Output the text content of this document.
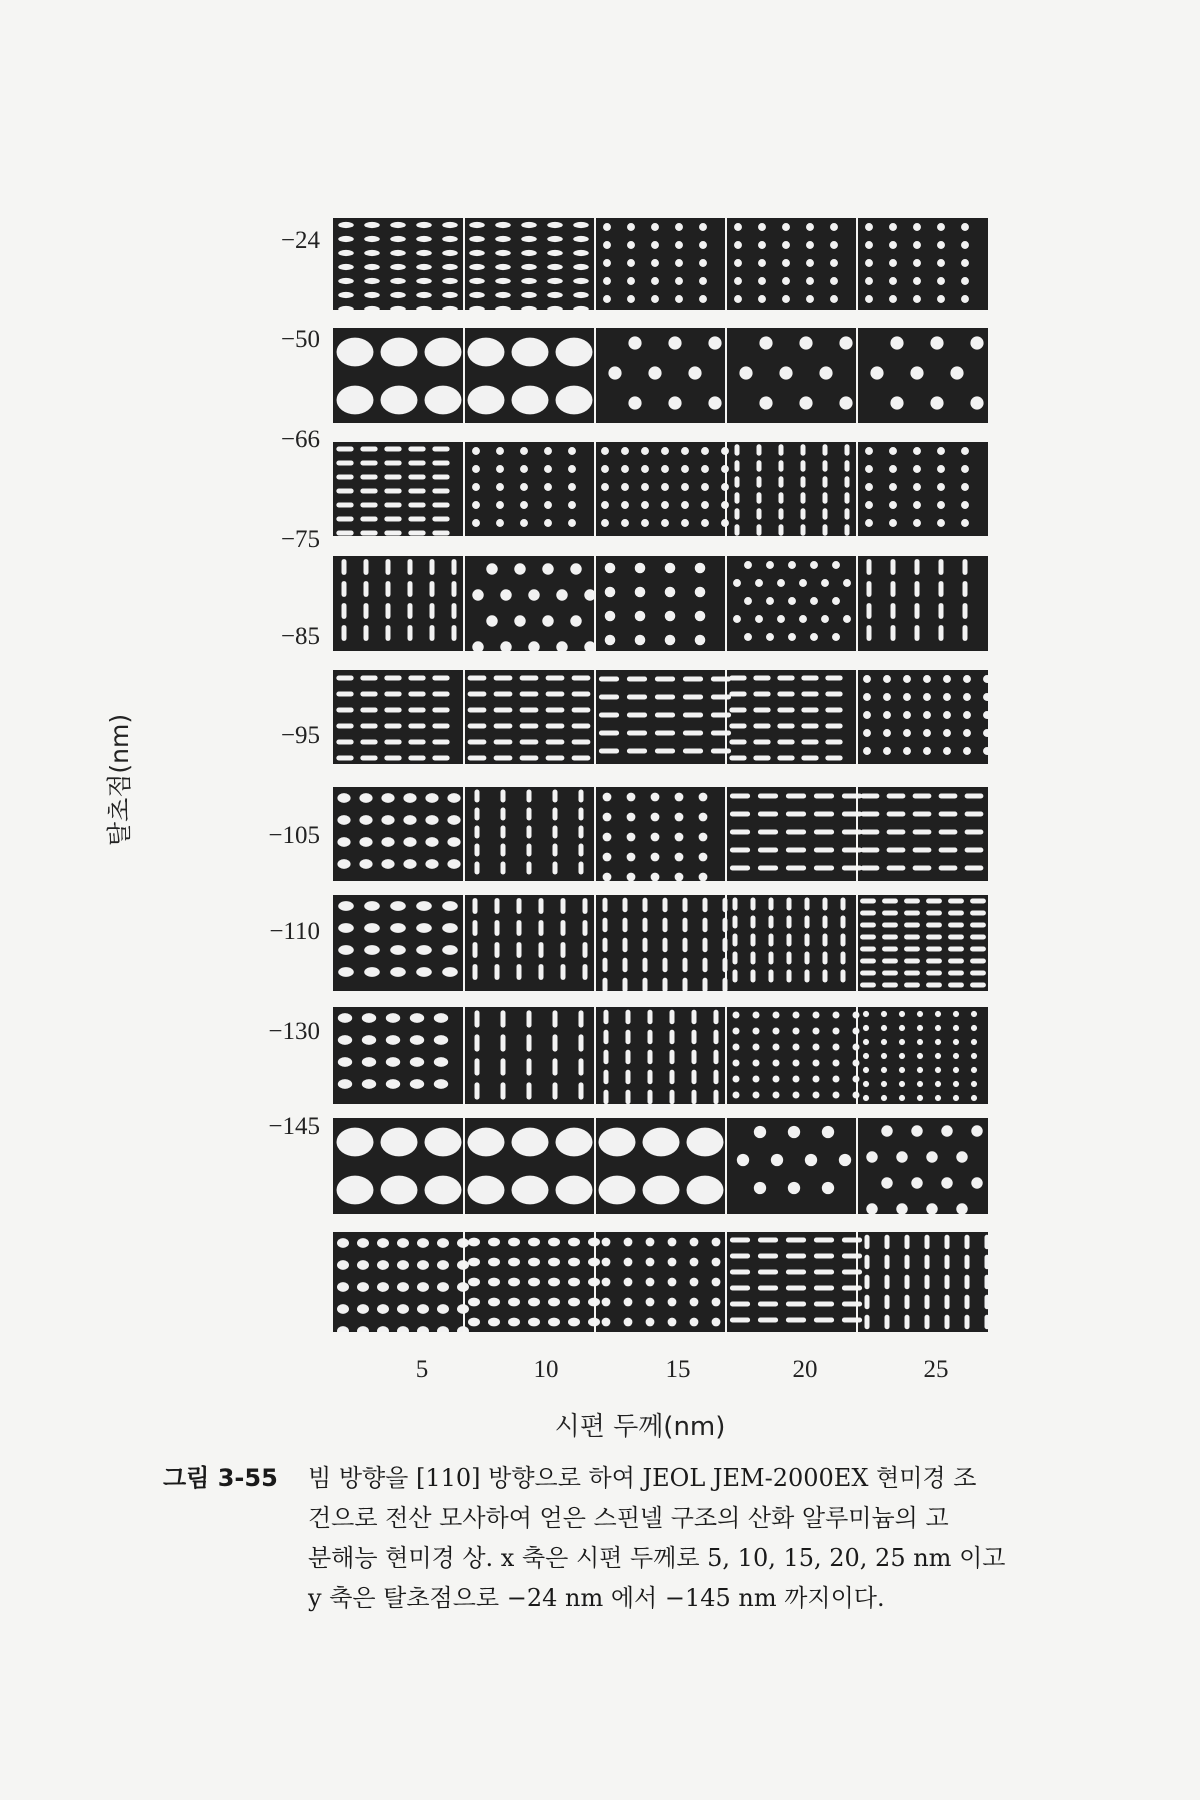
탈초점(nm)
−24
−50
−66
−75
−85
−95
−105
−110
−130
−145
5	10	15	20	25
시편 두께(nm)
그림 3-55	빔 방향을 [110] 방향으로 하여 JEOL JEM-2000EX 현미경 조
건으로 전산 모사하여 얻은 스핀넬 구조의 산화 알루미늄의 고
분해능 현미경 상. x 축은 시편 두께로 5, 10, 15, 20, 25 nm 이고
y 축은 탈초점으로 −24 nm 에서 −145 nm 까지이다.
